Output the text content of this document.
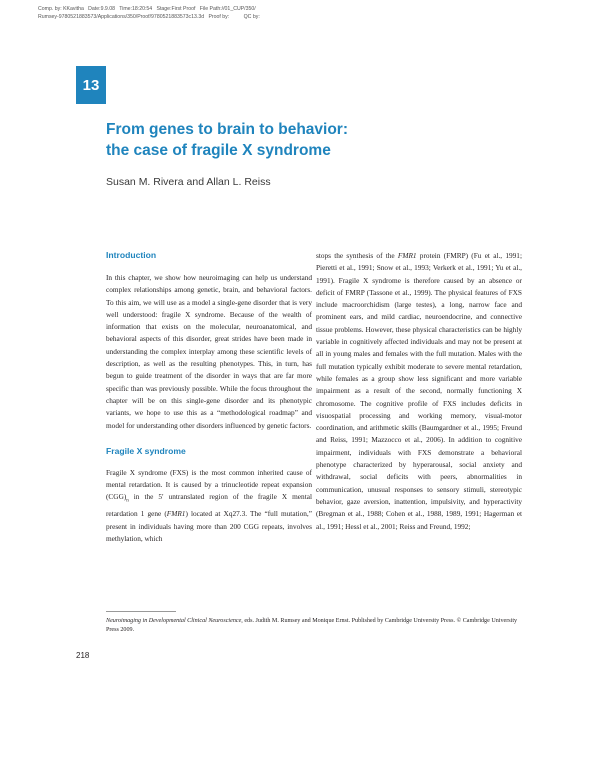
Comp. by: KKavitha   Date:9.9.08   Time:18:20:54   Stage:First Proof   File Path://01_CUP/350/
Rumsey-9780521883573/Applications/350/Proof/9780521883573c13.3d   Proof by:          QC by:
13
From genes to brain to behavior:
the case of fragile X syndrome
Susan M. Rivera and Allan L. Reiss

Introduction

In this chapter, we show how neuroimaging can help us understand complex relationships among genetic, brain, and behavioral factors. To this aim, we will use as a model a single-gene disorder that is very well understood: fragile X syndrome. Because of the wealth of information that exists on the molecular, neuroanatomical, and behavioral aspects of this disorder, great strides have been made in understanding the complex interplay among these scientific levels of description, as well as the resulting phenotypes. This, in turn, has begun to guide treatment of the disorder in ways that are far more specific than was previously possible. While the focus throughout the chapter will be on this single-gene disorder and its phenotypic variants, we hope to use this as a “methodological roadmap” and model for understanding other disorders influenced by genetic factors.

Fragile X syndrome

Fragile X syndrome (FXS) is the most common inherited cause of mental retardation. It is caused by a trinucleotide repeat expansion $(CGG)_n$ in the 5′ untranslated region of the fragile X mental retardation 1 gene (FMR1) located at Xq27.3. The “full mutation,” present in individuals having more than 200 CGG repeats, involves methylation, which

stops the synthesis of the FMR1 protein (FMRP) (Fu et al., 1991; Pieretti et al., 1991; Snow et al., 1993; Verkerk et al., 1991; Yu et al., 1991). Fragile X syndrome is therefore caused by an absence or deficit of FMRP (Tassone et al., 1999). The physical features of FXS include macroorchidism (large testes), a long, narrow face and prominent ears, and mild cardiac, neuroendocrine, and connective tissue problems. However, these physical characteristics can be highly variable in cognitively affected individuals and may not be present at all in young males and females with the full mutation. Males with the full mutation typically exhibit moderate to severe mental retardation, while females as a group show less significant and more variable impairment as a result of the second, normally functioning X chromosome. The cognitive profile of FXS includes deficits in visuospatial processing and working memory, visual-motor coordination, and arithmetic skills (Baumgardner et al., 1995; Freund and Reiss, 1991; Mazzocco et al., 2006). In addition to cognitive impairment, individuals with FXS demonstrate a behavioral phenotype characterized by hyperarousal, social anxiety and withdrawal, social deficits with peers, abnormalities in communication, unusual responses to sensory stimuli, stereotypic behavior, gaze aversion, inattention, impulsivity, and hyperactivity (Bregman et al., 1988; Cohen et al., 1988, 1989, 1991; Hagerman et al., 1991; Hessl et al., 2001; Reiss and Freund, 1992;

Neuroimaging in Developmental Clinical Neuroscience, eds. Judith M. Rumsey and Monique Ernst. Published by Cambridge University Press. © Cambridge University Press 2009.
218
